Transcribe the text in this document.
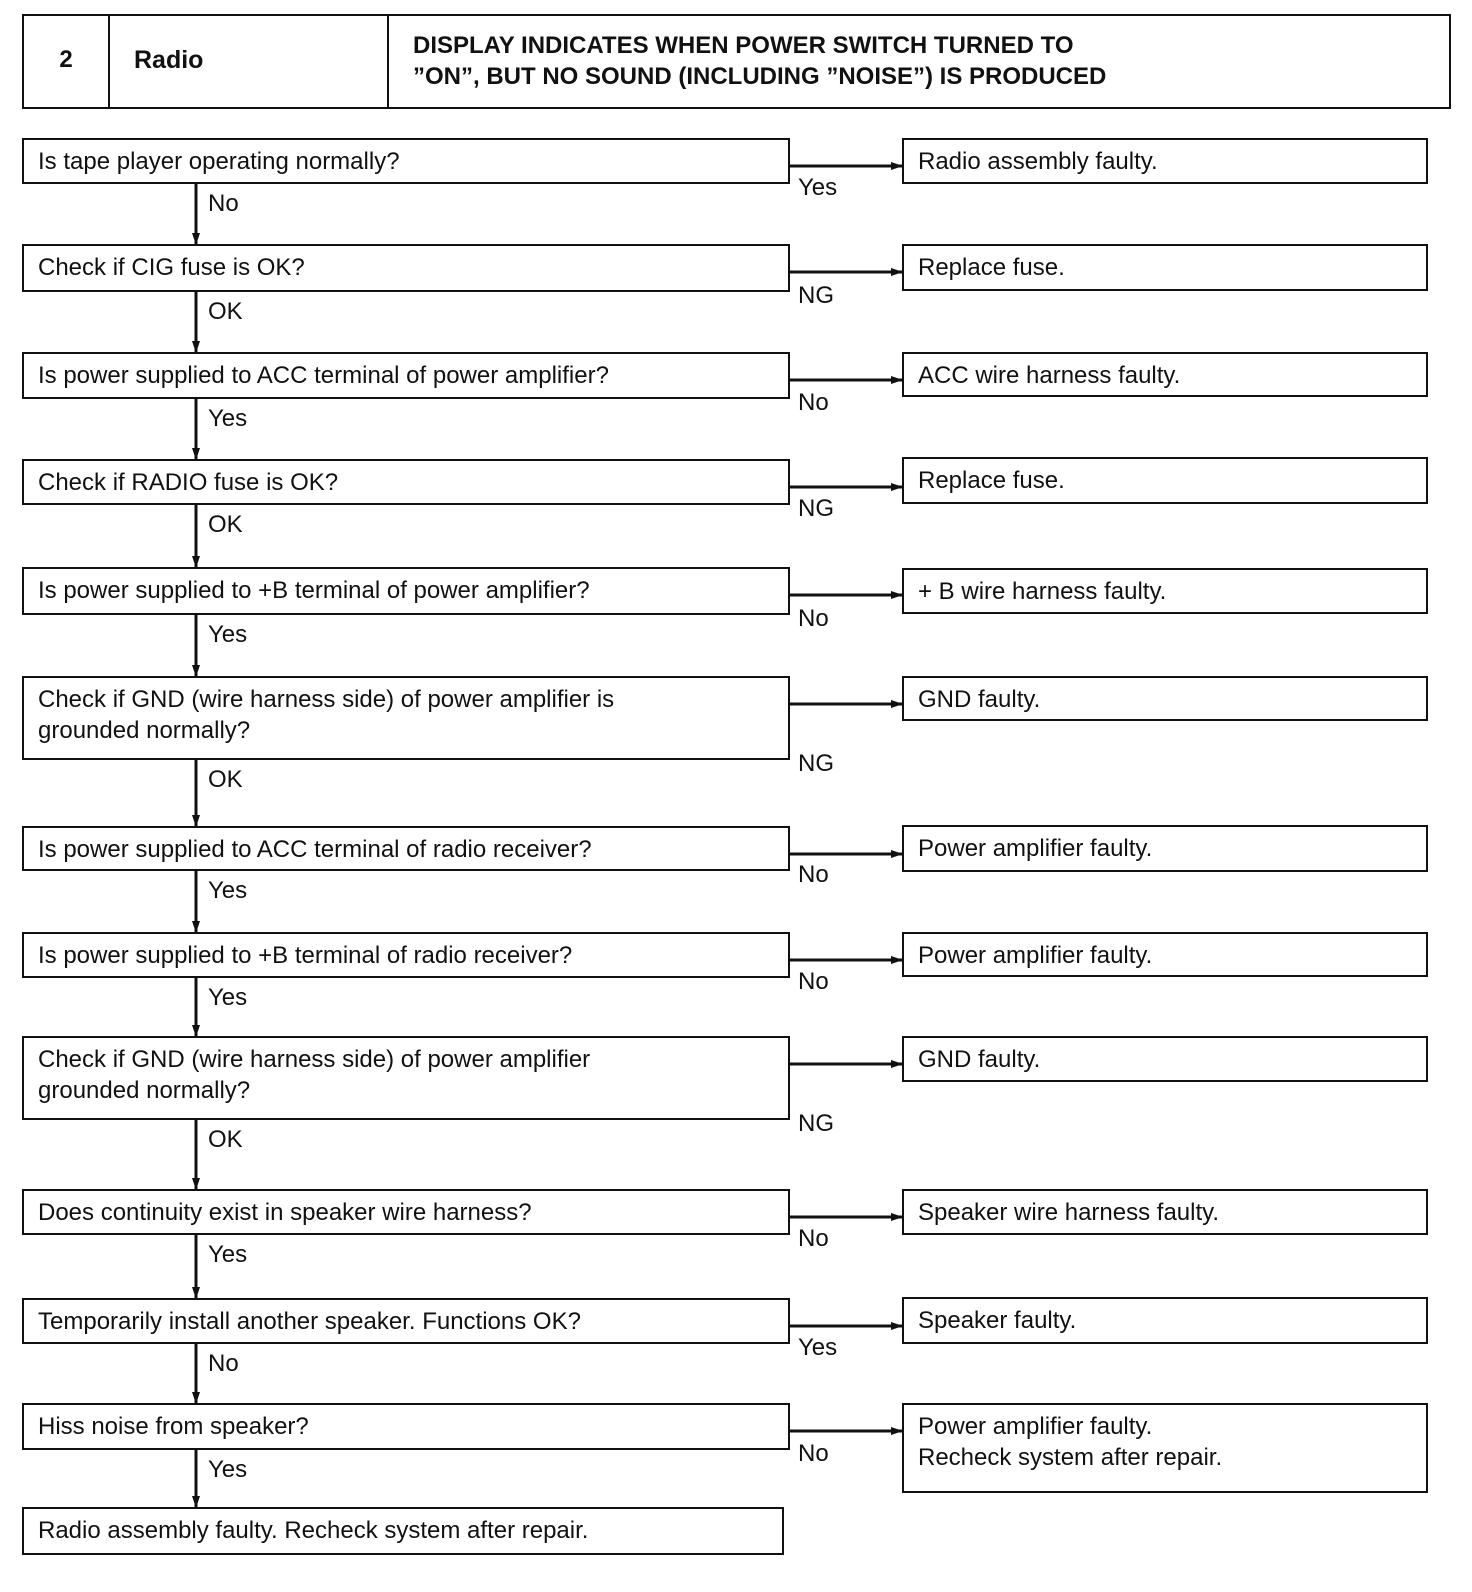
2	Radio
DISPLAY INDICATES WHEN POWER SWITCH TURNED TO
”ON”, BUT NO SOUND (INCLUDING ”NOISE”) IS PRODUCED
Is tape player operating normally?	Radio assembly faulty.
Yes
No
Check if CIG fuse is OK?	Replace fuse.
NG
OK
Is power supplied to ACC terminal of power amplifier?	ACC wire harness faulty.
No
Yes
Check if RADIO fuse is OK?	Replace fuse.
NG
OK
Is power supplied to +B terminal of power amplifier?	+ B wire harness faulty.
No
Yes
Check if GND (wire harness side) of power amplifier is
grounded normally?
GND faulty.
NG
OK
Is power supplied to ACC terminal of radio receiver?	Power amplifier faulty.
No
Yes
Is power supplied to +B terminal of radio receiver?	Power amplifier faulty.
No
Yes
Check if GND (wire harness side) of power amplifier
grounded normally?
GND faulty.
NG
OK
Does continuity exist in speaker wire harness?	Speaker wire harness faulty.
No
Yes
Temporarily install another speaker. Functions OK?	Speaker faulty.
Yes
No
Hiss noise from speaker?	Power amplifier faulty.
Recheck system after repair.
No
Yes
Radio assembly faulty. Recheck system after repair.
